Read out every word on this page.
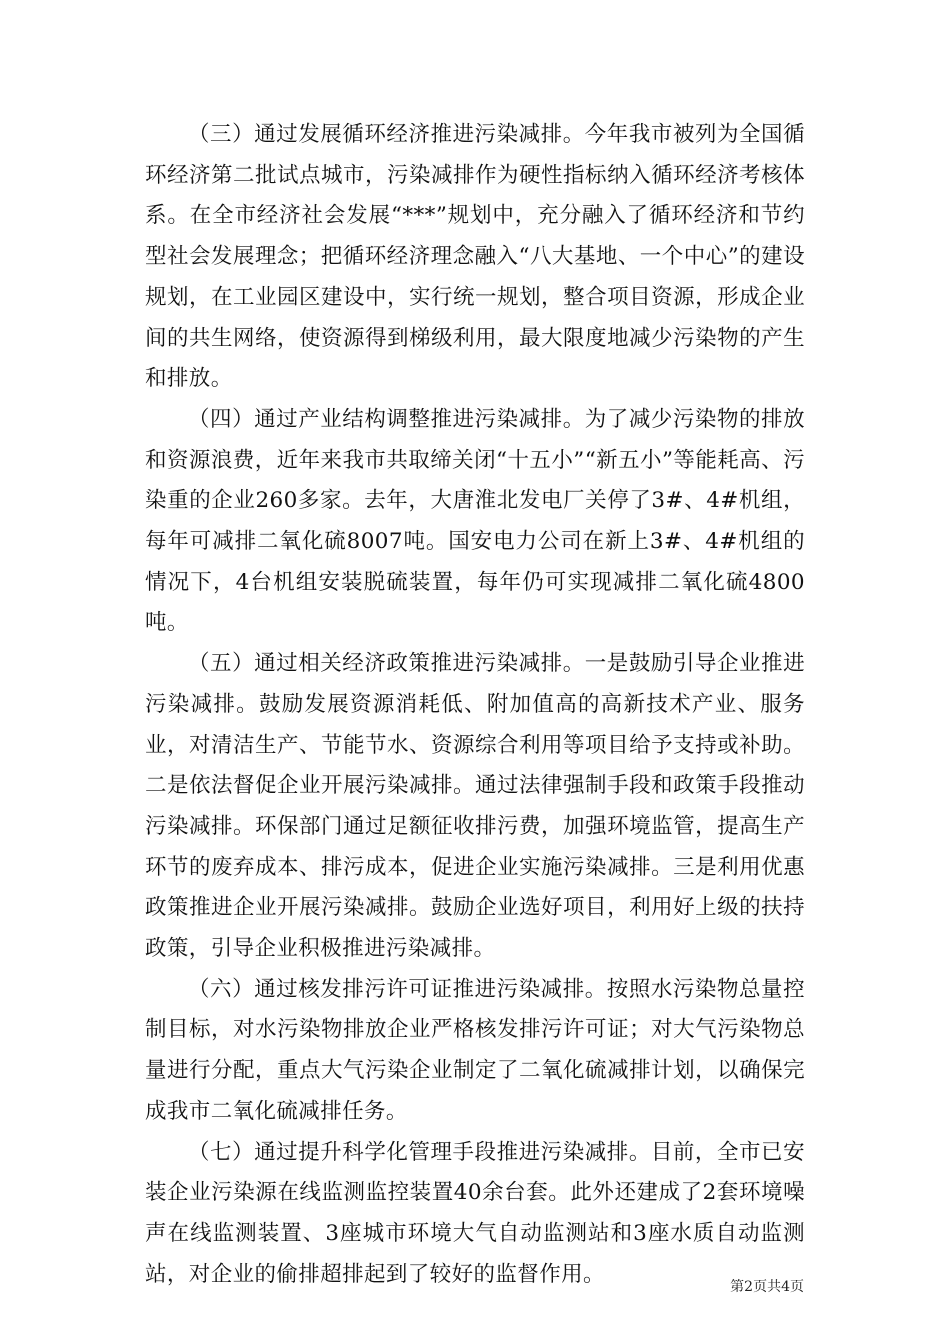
（三）通过发展循环经济推进污染减排。今年我市被列为全国循环经济第二批试点城市，污染减排作为硬性指标纳入循环经济考核体系。在全市经济社会发展“***”规划中，充分融入了循环经济和节约型社会发展理念；把循环经济理念融入“八大基地、一个中心”的建设规划，在工业园区建设中，实行统一规划，整合项目资源，形成企业间的共生网络，使资源得到梯级利用，最大限度地减少污染物的产生和排放。

（四）通过产业结构调整推进污染减排。为了减少污染物的排放和资源浪费，近年来我市共取缔关闭“十五小”“新五小”等能耗高、污染重的企业260多家。去年，大唐淮北发电厂关停了3#、4#机组，每年可减排二氧化硫8007吨。国安电力公司在新上3#、4#机组的情况下，4台机组安装脱硫装置，每年仍可实现减排二氧化硫4800吨。

（五）通过相关经济政策推进污染减排。一是鼓励引导企业推进污染减排。鼓励发展资源消耗低、附加值高的高新技术产业、服务业，对清洁生产、节能节水、资源综合利用等项目给予支持或补助。二是依法督促企业开展污染减排。通过法律强制手段和政策手段推动污染减排。环保部门通过足额征收排污费，加强环境监管，提高生产环节的废弃成本、排污成本，促进企业实施污染减排。三是利用优惠政策推进企业开展污染减排。鼓励企业选好项目，利用好上级的扶持政策，引导企业积极推进污染减排。

（六）通过核发排污许可证推进污染减排。按照水污染物总量控制目标，对水污染物排放企业严格核发排污许可证；对大气污染物总量进行分配，重点大气污染企业制定了二氧化硫减排计划，以确保完成我市二氧化硫减排任务。

（七）通过提升科学化管理手段推进污染减排。目前，全市已安装企业污染源在线监测监控装置40余台套。此外还建成了2套环境噪声在线监测装置、3座城市环境大气自动监测站和3座水质自动监测站，对企业的偷排超排起到了较好的监督作用。

第2页共4页
